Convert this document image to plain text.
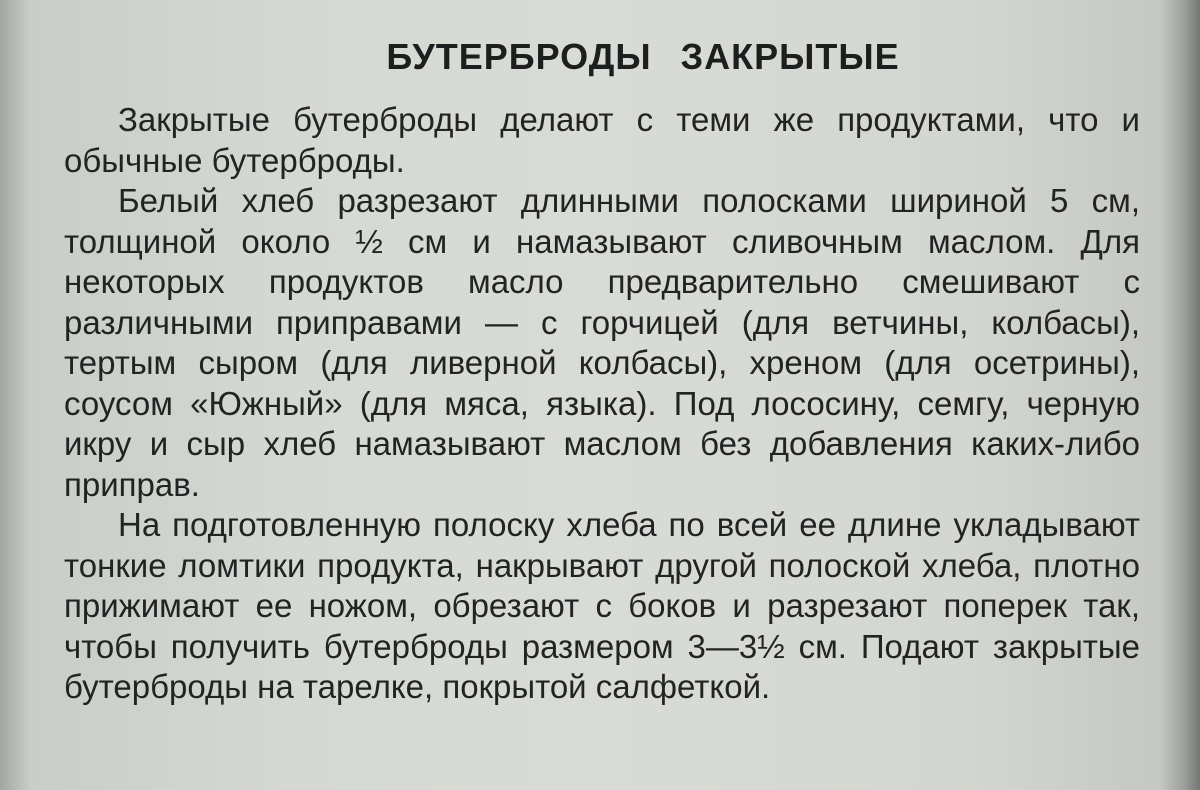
БУТЕРБРОДЫ ЗАКРЫТЫЕ

Закрытые бутерброды делают с теми же продуктами, что и обычные бутерброды.

Белый хлеб разрезают длинными полосками шириной 5 см, толщиной около ½ см и намазывают сливочным маслом. Для некоторых продуктов масло предварительно смешивают с различными приправами — с горчицей (для ветчины, колбасы), тертым сыром (для ливерной колбасы), хреном (для осетрины), соусом «Южный» (для мяса, языка). Под лососину, семгу, черную икру и сыр хлеб намазывают маслом без добавления каких-либо приправ.

На подготовленную полоску хлеба по всей ее длине укладывают тонкие ломтики продукта, накрывают другой полоской хлеба, плотно прижимают ее ножом, обрезают с боков и разрезают поперек так, чтобы получить бутерброды размером 3—3½ см. Подают закрытые бутерброды на тарелке, покрытой салфеткой.
